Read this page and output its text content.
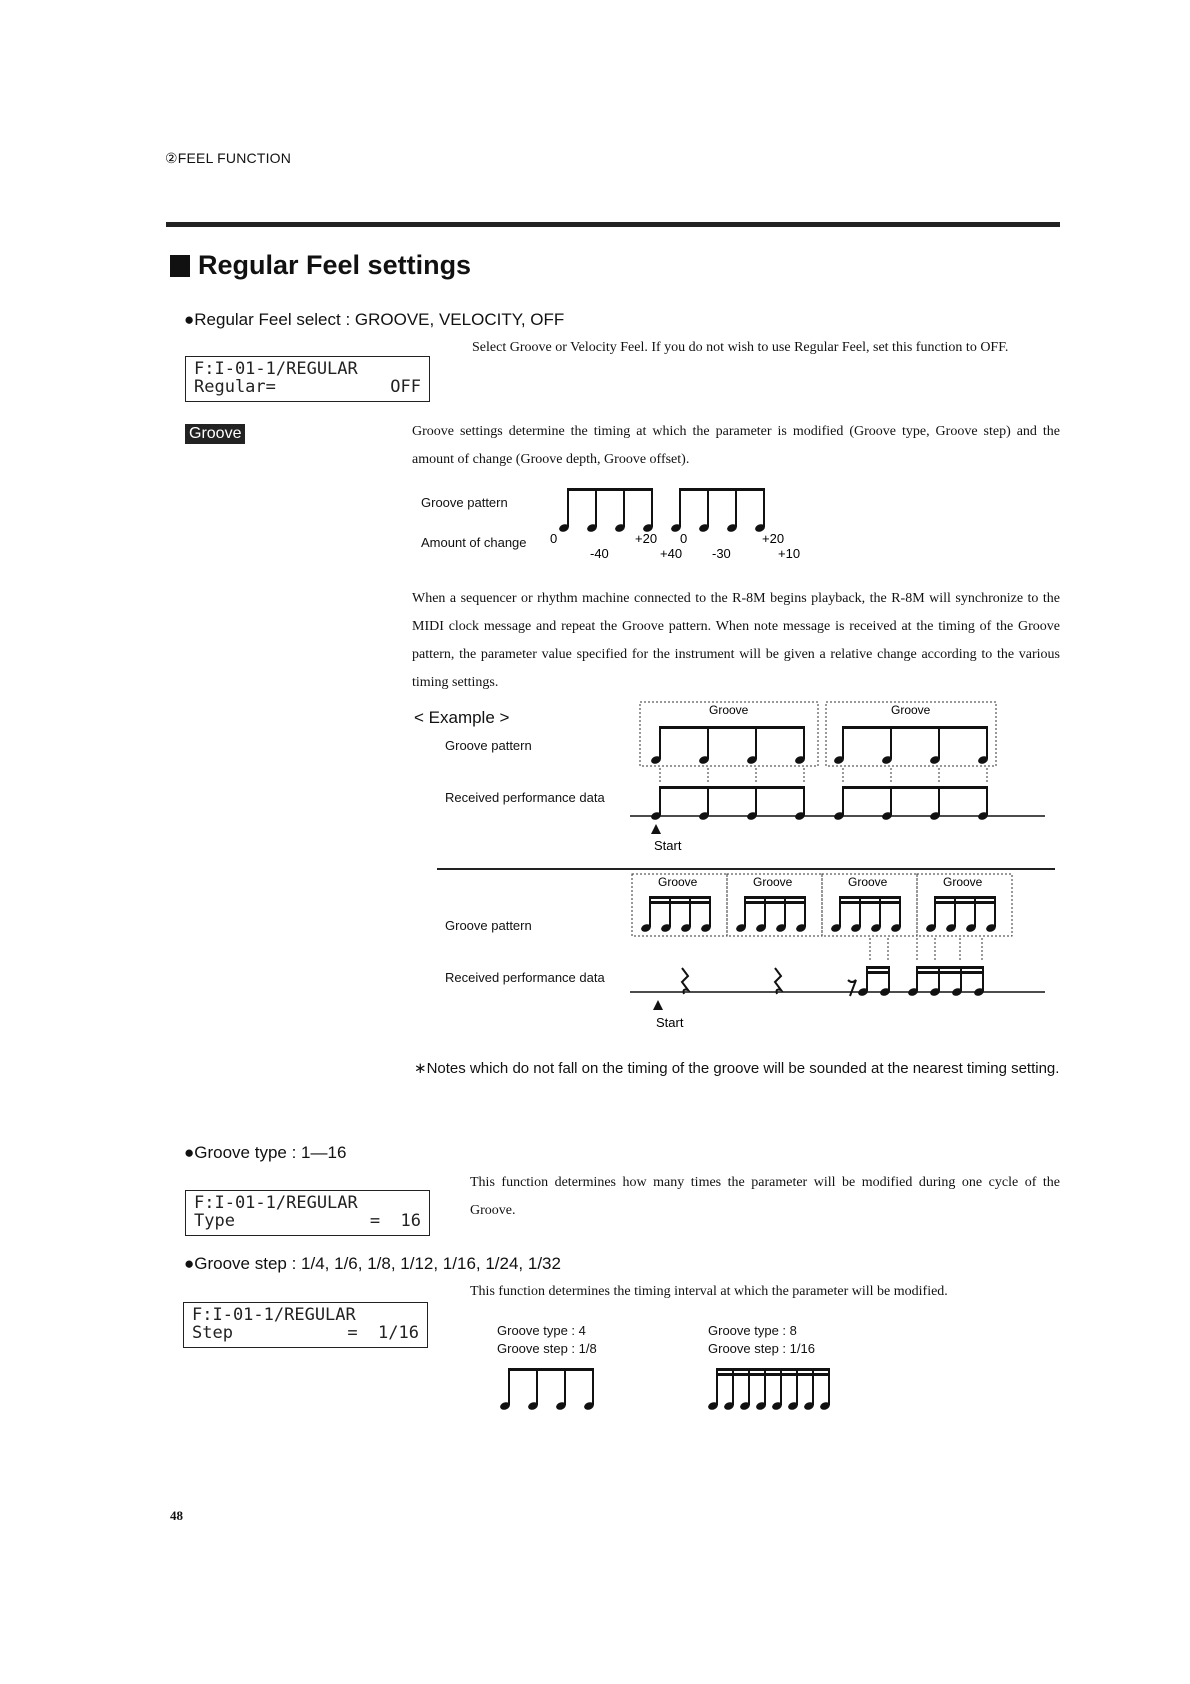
②FEEL FUNCTION
Regular Feel settings
●Regular Feel select : GROOVE, VELOCITY, OFF
F:I-01-1/REGULAR
Regular=	OFF
Select Groove or Velocity Feel. If you do not wish to use Regular Feel, set this function to OFF.
Groove	Groove settings determine the timing at which the parameter is modified (Groove type, Groove step) and the amount of change (Groove depth, Groove offset).
Groove pattern
Amount of change 0	+20 0	+20
-40	+40 -30	+10
When a sequencer or rhythm machine connected to the R-8M begins playback, the R-8M will synchronize to the MIDI clock message and repeat the Groove pattern. When note message is received at the timing of the Groove pattern, the parameter value specified for the instrument will be given a relative change according to the various timing settings.
< Example >
Groove pattern
Received performance data
Groove	Groove
Start
Groove pattern
Received performance data
Groove	Groove	Groove	Groove
Start
∗Notes which do not fall on the timing of the groove will be sounded at the nearest timing setting.
●Groove type : 1—16
F:I-01-1/REGULAR
Type	=  16
This function determines how many times the parameter will be modified during one cycle of the Groove.
●Groove step : 1/4, 1/6, 1/8, 1/12, 1/16, 1/24, 1/32
This function determines the timing interval at which the parameter will be modified.
F:I-01-1/REGULAR
Step	=  1/16	Groove type : 4
Groove step : 1/8
Groove type : 8
Groove step : 1/16
48
